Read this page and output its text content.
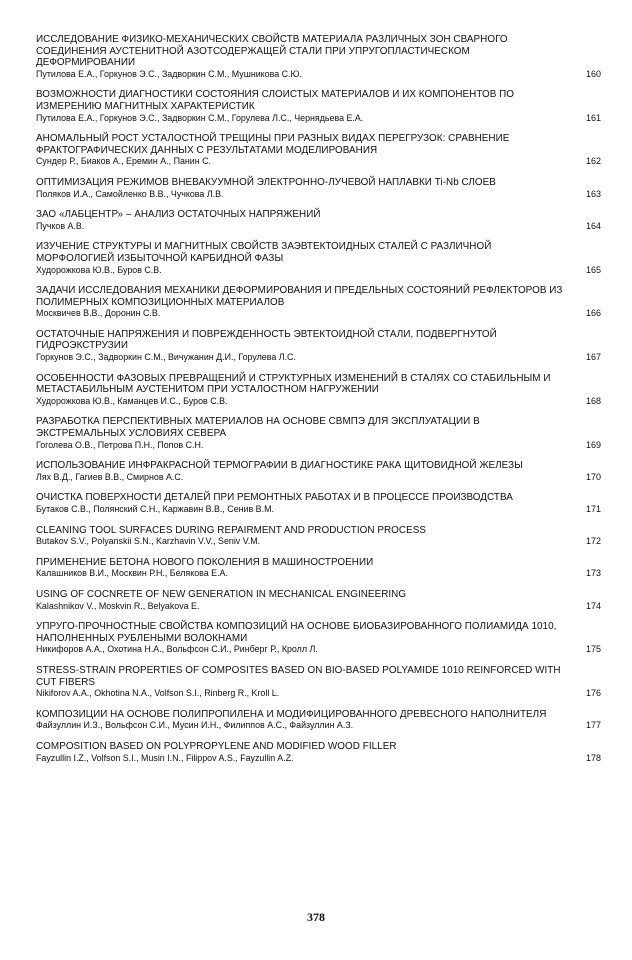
ИССЛЕДОВАНИЕ ФИЗИКО-МЕХАНИЧЕСКИХ СВОЙСТВ МАТЕРИАЛА РАЗЛИЧНЫХ ЗОН СВАРНОГО СОЕДИНЕНИЯ АУСТЕНИТНОЙ АЗОТСОДЕРЖАЩЕЙ СТАЛИ ПРИ УПРУГОПЛАСТИЧЕСКОМ ДЕФОРМИРОВАНИИ
Путилова Е.А., Горкунов Э.С., Задворкин С.М., Мушникова С.Ю.	160
ВОЗМОЖНОСТИ ДИАГНОСТИКИ СОСТОЯНИЯ СЛОИСТЫХ МАТЕРИАЛОВ И ИХ КОМПОНЕНТОВ ПО ИЗМЕРЕНИЮ МАГНИТНЫХ ХАРАКТЕРИСТИК
Путилова Е.А., Горкунов Э.С., Задворкин С.М., Горулева Л.С., Чернядьева Е.А.	161
АНОМАЛЬНЫЙ РОСТ УСТАЛОСТНОЙ ТРЕЩИНЫ ПРИ РАЗНЫХ ВИДАХ ПЕРЕГРУЗОК: СРАВНЕНИЕ ФРАКТОГРАФИЧЕСКИХ ДАННЫХ С РЕЗУЛЬТАТАМИ МОДЕЛИРОВАНИЯ
Сундер Р., Биаков А., Еремин А., Панин С.	162
ОПТИМИЗАЦИЯ РЕЖИМОВ ВНЕВАКУУМНОЙ ЭЛЕКТРОННО-ЛУЧЕВОЙ НАПЛАВКИ Ti-Nb СЛОЕВ
Поляков И.А., Самойленко В.В., Чучкова Л.В.	163
ЗАО «ЛАБЦЕНТР» – АНАЛИЗ ОСТАТОЧНЫХ НАПРЯЖЕНИЙ
Пучков А.В.	164
ИЗУЧЕНИЕ СТРУКТУРЫ И МАГНИТНЫХ СВОЙСТВ ЗАЭВТЕКТОИДНЫХ СТАЛЕЙ С РАЗЛИЧНОЙ МОРФОЛОГИЕЙ ИЗБЫТОЧНОЙ КАРБИДНОЙ ФАЗЫ
Худорожкова Ю.В., Буров С.В.	165
ЗАДАЧИ ИССЛЕДОВАНИЯ МЕХАНИКИ ДЕФОРМИРОВАНИЯ И ПРЕДЕЛЬНЫХ СОСТОЯНИЙ РЕФЛЕКТОРОВ ИЗ ПОЛИМЕРНЫХ КОМПОЗИЦИОННЫХ МАТЕРИАЛОВ
Москвичев В.В., Доронин С.В.	166
ОСТАТОЧНЫЕ НАПРЯЖЕНИЯ И ПОВРЕЖДЕННОСТЬ ЭВТЕКТОИДНОЙ СТАЛИ, ПОДВЕРГНУТОЙ ГИДРОЭКСТРУЗИИ
Горкунов Э.С., Задворкин С.М., Вичужанин Д.И., Горулева Л.С.	167
ОСОБЕННОСТИ ФАЗОВЫХ ПРЕВРАЩЕНИЙ И СТРУКТУРНЫХ ИЗМЕНЕНИЙ В СТАЛЯХ СО СТАБИЛЬНЫМ И МЕТАСТАБИЛЬНЫМ АУСТЕНИТОМ ПРИ УСТАЛОСТНОМ НАГРУЖЕНИИ
Худорожкова Ю.В., Каманцев И.С., Буров С.В.	168
РАЗРАБОТКА ПЕРСПЕКТИВНЫХ МАТЕРИАЛОВ НА ОСНОВЕ СВМПЭ ДЛЯ ЭКСПЛУАТАЦИИ В ЭКСТРЕМАЛЬНЫХ УСЛОВИЯХ СЕВЕРА
Гоголева О.В., Петрова П.Н., Попов С.Н.	169
ИСПОЛЬЗОВАНИЕ ИНФРАКРАСНОЙ ТЕРМОГРАФИИ В ДИАГНОСТИКЕ РАКА ЩИТОВИДНОЙ ЖЕЛЕЗЫ
Лях В.Д., Гагиев В.В., Смирнов А.С.	170
ОЧИСТКА ПОВЕРХНОСТИ ДЕТАЛЕЙ ПРИ РЕМОНТНЫХ РАБОТАХ И В ПРОЦЕССЕ ПРОИЗВОДСТВА
Бутаков С.В., Полянский С.Н., Каржавин В.В., Сенив В.М.	171
CLEANING TOOL SURFACES DURING REPAIRMENT AND PRODUCTION PROCESS
Butakov S.V., Polyanskii S.N., Karzhavin V.V., Seniv V.M.	172
ПРИМЕНЕНИЕ БЕТОНА НОВОГО ПОКОЛЕНИЯ В МАШИНОСТРОЕНИИ
Калашников В.И., Москвин Р.Н., Белякова Е.А.	173
USING OF COCNRETE OF NEW GENERATION IN MECHANICAL ENGINEERING
Kalashnikov V., Moskvin R., Belyakova E.	174
УПРУГО-ПРОЧНОСТНЫЕ СВОЙСТВА КОМПОЗИЦИЙ НА ОСНОВЕ БИОБАЗИРОВАННОГО ПОЛИАМИДА 1010, НАПОЛНЕННЫХ РУБЛЕНЫМИ ВОЛОКНАМИ
Никифоров А.А., Охотина Н.А., Вольфсон С.И., Ринберг Р., Кролл Л.	175
STRESS-STRAIN PROPERTIES OF COMPOSITES BASED ON BIO-BASED POLYAMIDE 1010 REINFORCED WITH CUT FIBERS
Nikiforov A.A., Okhotina N.A., Volfson S.I., Rinberg R., Kroll L.	176
КОМПОЗИЦИИ НА ОСНОВЕ ПОЛИПРОПИЛЕНА И МОДИФИЦИРОВАННОГО ДРЕВЕСНОГО НАПОЛНИТЕЛЯ
Файзуллин И.З., Вольфсон С.И., Мусин И.Н., Филиппов А.С., Файзуллин А.З.	177
COMPOSITION BASED ON POLYPROPYLENE AND MODIFIED WOOD FILLER
Fayzullin I.Z., Volfson S.I., Musin I.N., Filippov A.S., Fayzullin A.Z.	178
378
